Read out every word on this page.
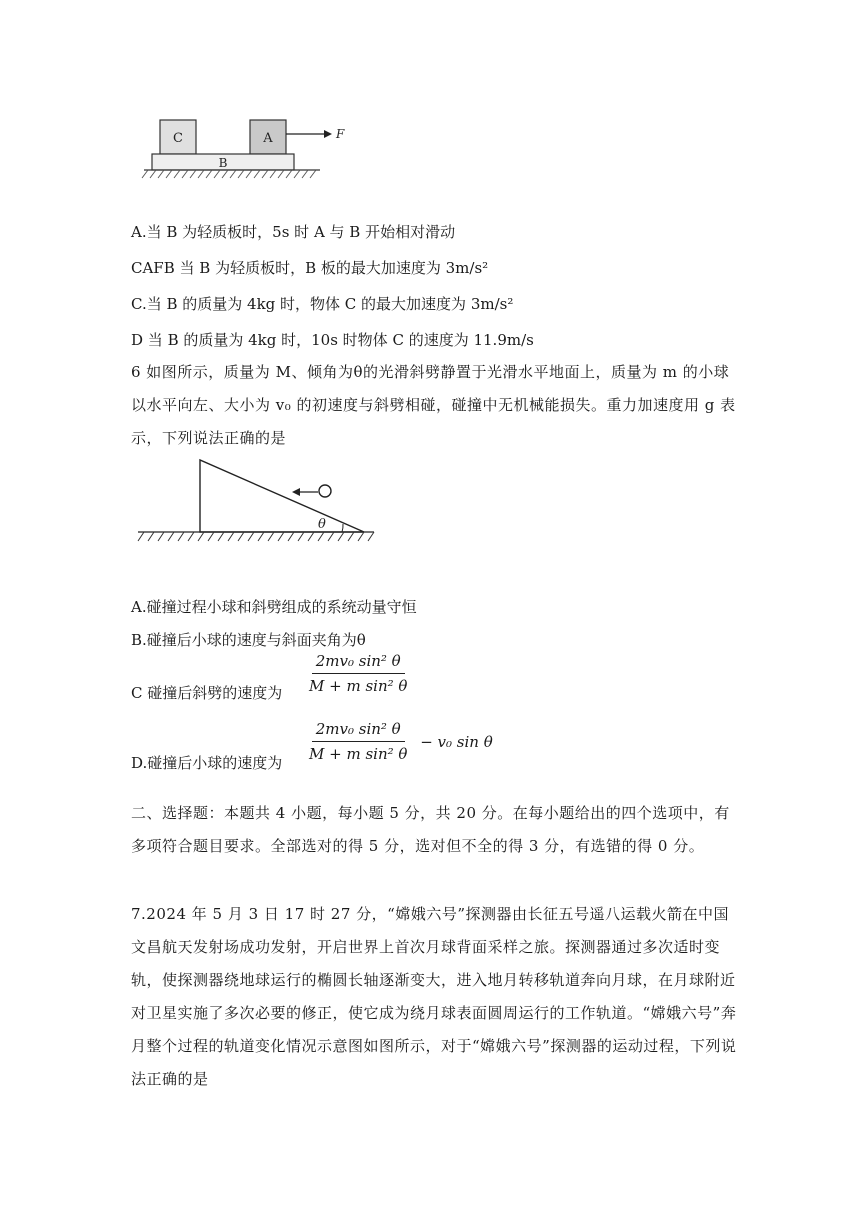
C	A	F
B
A.当 B 为轻质板时，5s 时 A 与 B 开始相对滑动
CAFB 当 B 为轻质板时，B 板的最大加速度为 3m/s²
C.当 B 的质量为 4kg 时，物体 C 的最大加速度为 3m/s²
D 当 B 的质量为 4kg 时，10s 时物体 C 的速度为 11.9m/s
6 如图所示，质量为 M、倾角为θ的光滑斜劈静置于光滑水平地面上，质量为 m 的小球以水平向左、大小为 v₀ 的初速度与斜劈相碰，碰撞中无机械能损失。重力加速度用 g 表示，下列说法正确的是
θ
A.碰撞过程小球和斜劈组成的系统动量守恒
B.碰撞后小球的速度与斜面夹角为θ
C 碰撞后斜劈的速度为 $\frac{\text{2mv₀ sin² θ}}{\text{M + m sin² θ}}$
D.碰撞后小球的速度为 $\frac{\text{2mv₀ sin² θ}}{\text{M + m sin² θ}} - v_0$ sin θ
二、选择题：本题共 4 小题，每小题 5 分，共 20 分。在每小题给出的四个选项中，有多项符合题目要求。全部选对的得 5 分，选对但不全的得 3 分，有选错的得 0 分。
7.2024 年 5 月 3 日 17 时 27 分，“嫦娥六号”探测器由长征五号遥八运载火箭在中国文昌航天发射场成功发射，开启世界上首次月球背面采样之旅。探测器通过多次适时变轨，使探测器绕地球运行的椭圆长轴逐渐变大，进入地月转移轨道奔向月球，在月球附近对卫星实施了多次必要的修正，使它成为绕月球表面圆周运行的工作轨道。“嫦娥六号”奔月整个过程的轨道变化情况示意图如图所示，对于“嫦娥六号”探测器的运动过程，下列说法正确的是
